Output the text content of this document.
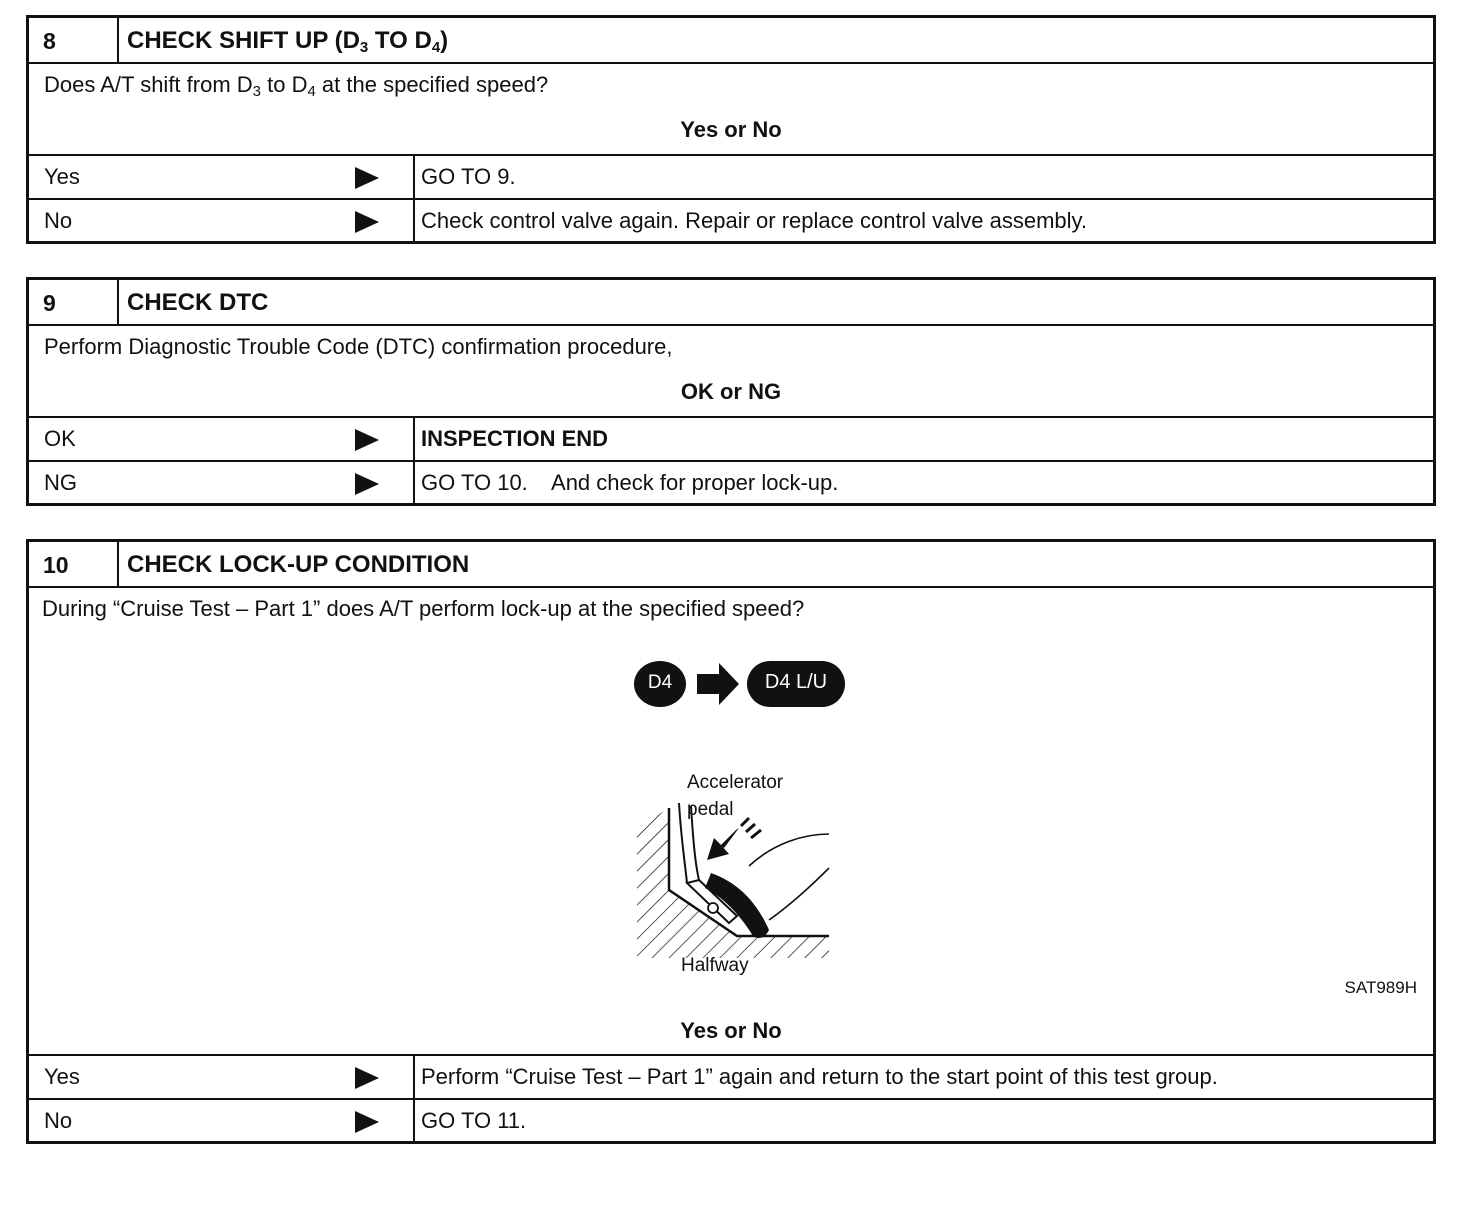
8	CHECK SHIFT UP ($D_3$ TO $D_4$)
Does A/T shift from $D_3$ to $D_4$ at the specified speed?
Yes or No
Yes	GO TO 9.
No	Check control valve again. Repair or replace control valve assembly.
9	CHECK DTC
Perform Diagnostic Trouble Code (DTC) confirmation procedure,
OK or NG
OK	INSPECTION END
NG	GO TO 10.    And check for proper lock-up.
10	CHECK LOCK-UP CONDITION
During “Cruise Test – Part 1” does A/T perform lock-up at the specified speed?
D4	D4 L/U
Accelerator
pedal
Halfway
SAT989H
Yes or No
Yes	Perform “Cruise Test – Part 1” again and return to the start point of this test group.
No	GO TO 11.
